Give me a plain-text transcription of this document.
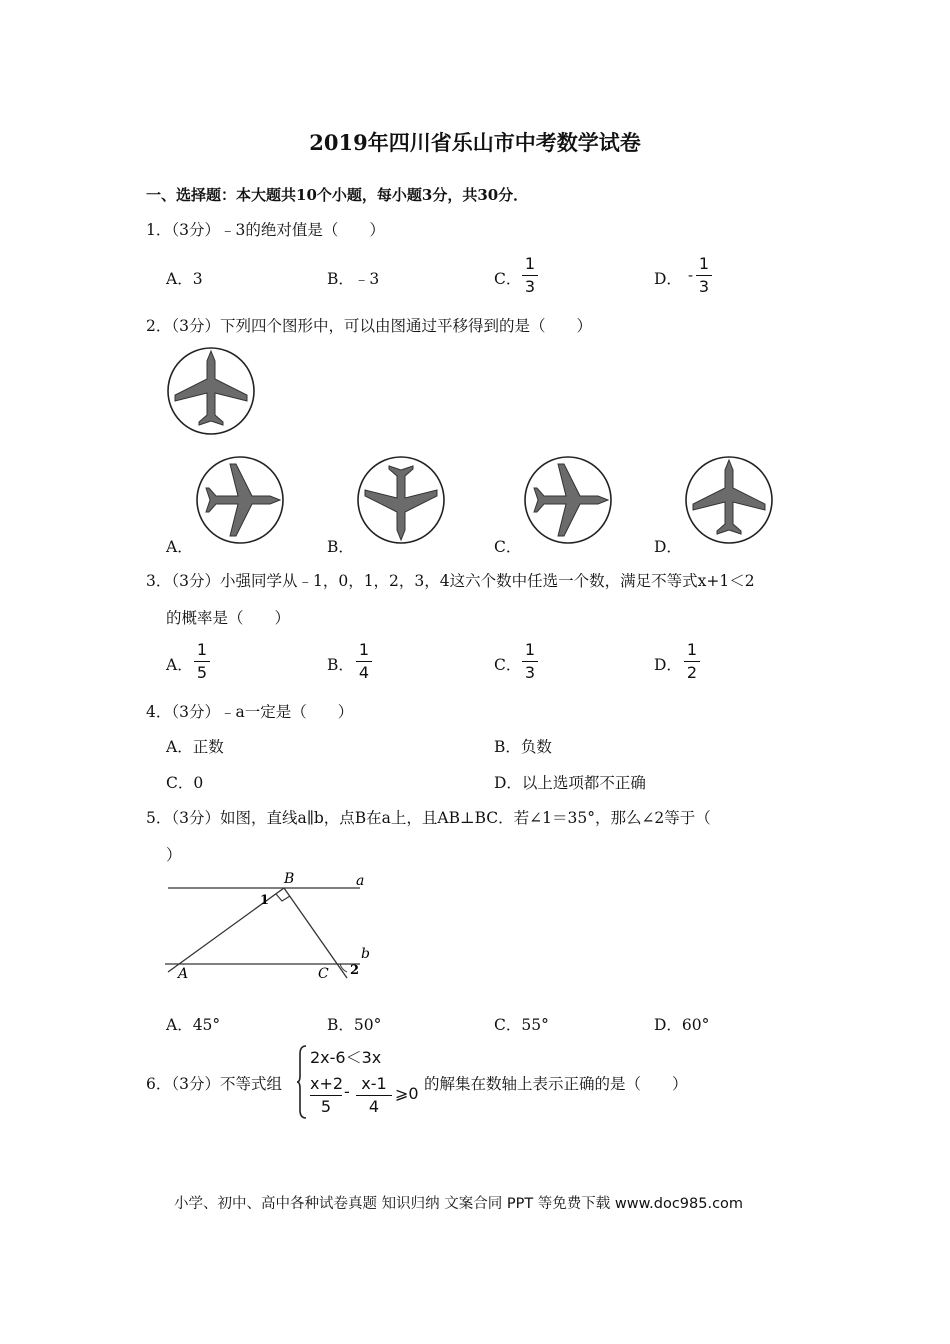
2019年四川省乐山市中考数学试卷
一、选择题：本大题共10个小题，每小题3分，共30分．
1．（3分）﹣3的绝对值是（　　）
A．3	B．﹣3	C．
1
3	D． -
1
3
2．（3分）下列四个图形中，可以由图通过平移得到的是（　　）
A．	B．	C．	D．
3．（3分）小强同学从﹣1，0，1，2，3，4这六个数中任选一个数，满足不等式x+1＜2
的概率是（　　）
A．
1
5	B．
1
4	C．
1
3	D．
1
2
4．（3分）﹣a一定是（　　）
A．正数	B．负数
C．0	D．以上选项都不正确
5．（3分）如图，直线a∥b，点B在a上，且AB⊥BC．若∠1＝35°，那么∠2等于（
）
B	a
b
A	C
1
2
A．45°	B．50°	C．55°	D．60°
6．（3分）不等式组
2x-6＜3x
x+2
5
- x-1
4
⩾0 的解集在数轴上表示正确的是（　　）
小学、初中、高中各种试卷真题 知识归纳 文案合同 PPT 等免费下载 www.doc985.com
